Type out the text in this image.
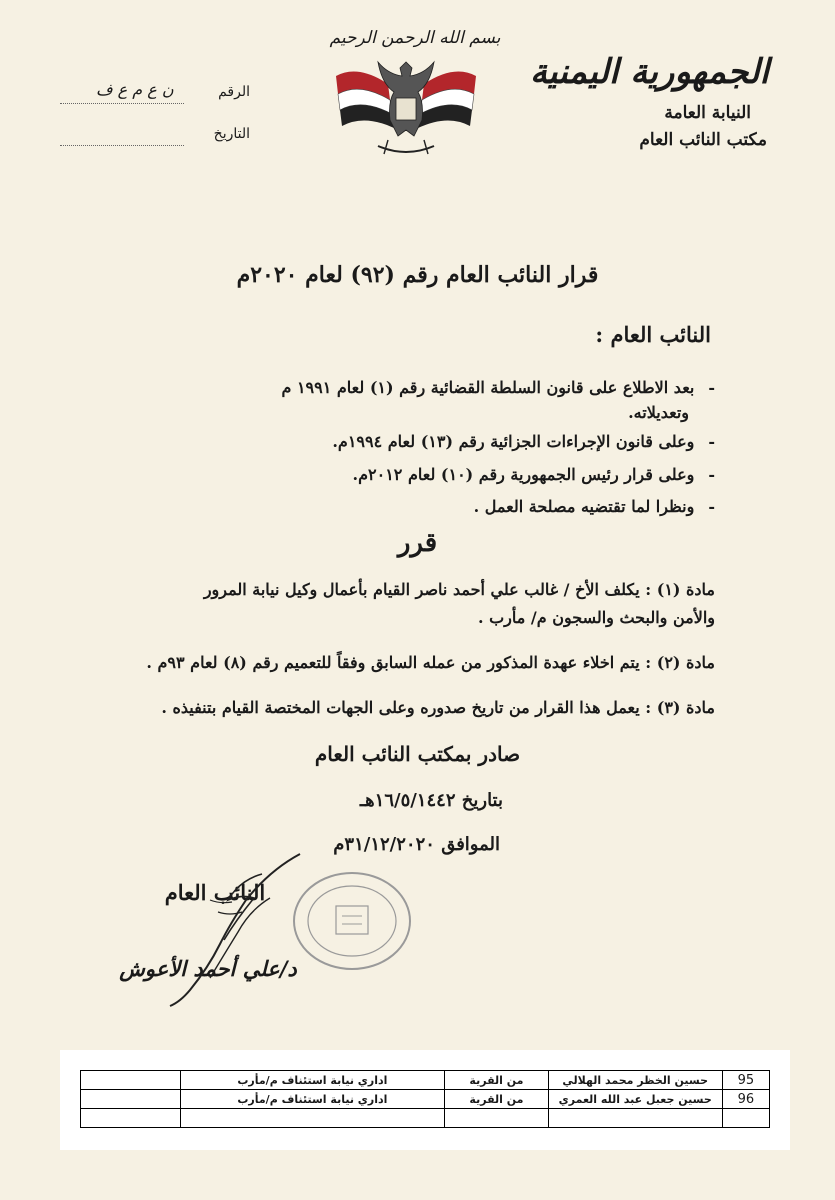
الجمهورية اليمنية
النيابة العامة
مكتب النائب العام
بسم الله الرحمن الرحيم
الرقم
ن ع م ع ف
التاريخ
قرار النائب العام رقم (٩٢) لعام ٢٠٢٠م
النائب العام :
-بعد الاطلاع على قانون السلطة القضائية رقم (١) لعام ١٩٩١ م
وتعديلاته.
-وعلى قانون الإجراءات الجزائية رقم (١٣) لعام ١٩٩٤م.
-وعلى قرار رئيس الجمهورية رقم (١٠) لعام ٢٠١٢م.
-ونظرا لما تقتضيه مصلحة العمل .
قرر
مادة (١) : يكلف الأخ / غالب علي أحمد ناصر القيام بأعمال وكيل نيابة المرور
والأمن والبحث والسجون م/ مأرب .
مادة (٢) : يتم اخلاء عهدة المذكور من عمله السابق وفقاً للتعميم رقم (٨) لعام ٩٣م .
مادة (٣) : يعمل هذا القرار من تاريخ صدوره وعلى الجهات المختصة القيام بتنفيذه .
صادر بمكتب النائب العام
بتاريخ ١٦/٥/١٤٤٢هـ
الموافق ٣١/١٢/٢٠٢٠م
النائب العام
د/علي أحمد الأعوش
95	حسين الخظر محمد الهلالي	من القرية	اداري نيابة استئناف م/مأرب	
96	حسين جعبل عبد الله العمري	من القرية	اداري نيابة استئناف م/مأرب	
